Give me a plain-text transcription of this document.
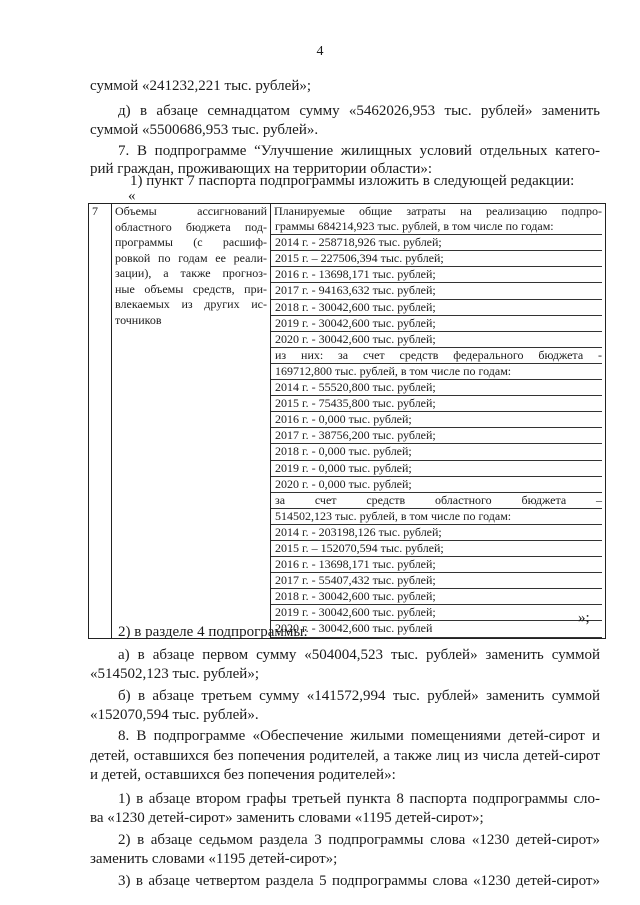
4
суммой «241232,221 тыс. рублей»;
д) в абзаце семнадцатом сумму «5462026,953 тыс. рублей» заменить
суммой «5500686,953 тыс. рублей».
7. В подпрограмме “Улучшение жилищных условий отдельных катего-
рий граждан, проживающих на территории области»:
1) пункт 7 паспорта подпрограммы изложить в следующей редакции:
«
7	Объемы ассигнований
областного бюджета под-
программы (с расшиф-
ровкой по годам ее реали-
зации), а также прогноз-
ные объемы средств, при-
влекаемых из других ис-
точников

Планируемые общие затраты на реализацию подпро-
граммы 684214,923 тыс. рублей, в том числе по годам:
2014 г. - 258718,926 тыс. рублей;
2015 г. – 227506,394 тыс. рублей;
2016 г. - 13698,171 тыс. рублей;
2017 г. - 94163,632 тыс. рублей;
2018 г. - 30042,600 тыс. рублей;
2019 г. - 30042,600 тыс. рублей;
2020 г. - 30042,600 тыс. рублей;
из них: за счет средств федерального бюджета -
169712,800 тыс. рублей, в том числе по годам:
2014 г. - 55520,800 тыс. рублей;
2015 г. - 75435,800 тыс. рублей;
2016 г. - 0,000 тыс. рублей;
2017 г. - 38756,200 тыс. рублей;
2018 г. - 0,000 тыс. рублей;
2019 г. - 0,000 тыс. рублей;
2020 г. - 0,000 тыс. рублей;
за счет средств областного бюджета –
514502,123 тыс. рублей, в том числе по годам:
2014 г. - 203198,126 тыс. рублей;
2015 г. – 152070,594 тыс. рублей;
2016 г. - 13698,171 тыс. рублей;
2017 г. - 55407,432 тыс. рублей;
2018 г. - 30042,600 тыс. рублей;
2019 г. - 30042,600 тыс. рублей;
2020 г. - 30042,600 тыс. рублей
»;
2) в разделе 4 подпрограммы:
а) в абзаце первом сумму «504004,523 тыс. рублей» заменить суммой
«514502,123 тыс. рублей»;
б) в абзаце третьем сумму «141572,994 тыс. рублей» заменить суммой
«152070,594 тыс. рублей».
8. В подпрограмме «Обеспечение жилыми помещениями детей-сирот и
детей, оставшихся без попечения родителей, а также лиц из числа детей-сирот
и детей, оставшихся без попечения родителей»:
1) в абзаце втором графы третьей пункта 8 паспорта подпрограммы сло-
ва «1230 детей-сирот» заменить словами «1195 детей-сирот»;
2) в абзаце седьмом раздела 3 подпрограммы слова «1230 детей-сирот»
заменить словами «1195 детей-сирот»;
3) в абзаце четвертом раздела 5 подпрограммы слова «1230 детей-сирот»
